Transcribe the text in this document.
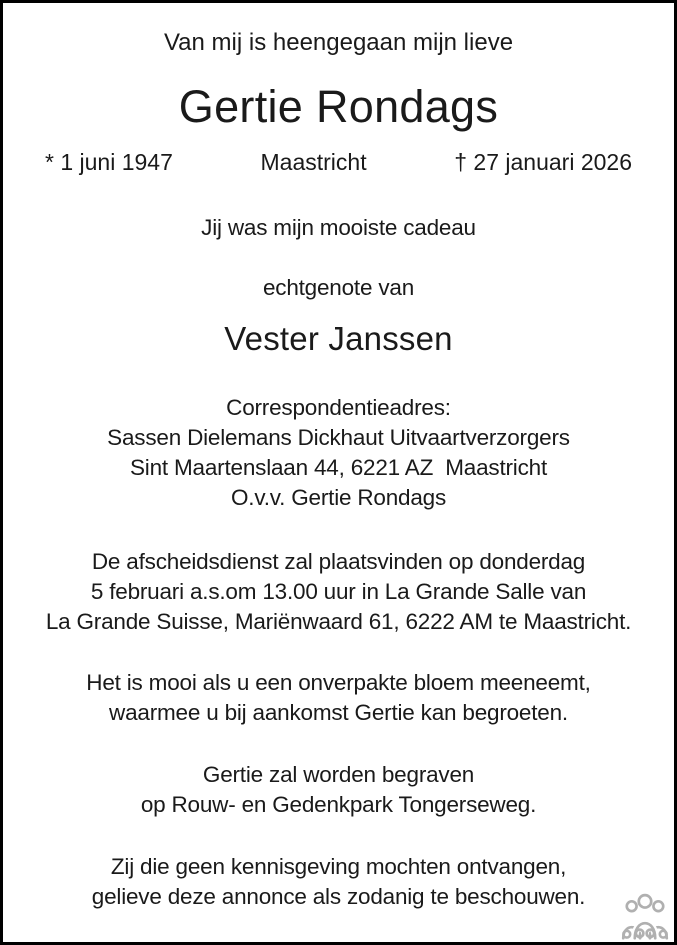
Van mij is heengegaan mijn lieve

Gertie Rondags
* 1 juni 1947	Maastricht	† 27 januari 2026

Jij was mijn mooiste cadeau

echtgenote van

Vester Janssen

Correspondentieadres:

Sassen Dielemans Dickhaut Uitvaartverzorgers

Sint Maartenslaan 44, 6221 AZ  Maastricht

O.v.v. Gertie Rondags

De afscheidsdienst zal plaatsvinden op donderdag

5 februari a.s.om 13.00 uur in La Grande Salle van

La Grande Suisse, Mariënwaard 61, 6222 AM te Maastricht.

Het is mooi als u een onverpakte bloem meeneemt,

waarmee u bij aankomst Gertie kan begroeten.

Gertie zal worden begraven

op Rouw- en Gedenkpark Tongerseweg.

Zij die geen kennisgeving mochten ontvangen,

gelieve deze annonce als zodanig te beschouwen.
